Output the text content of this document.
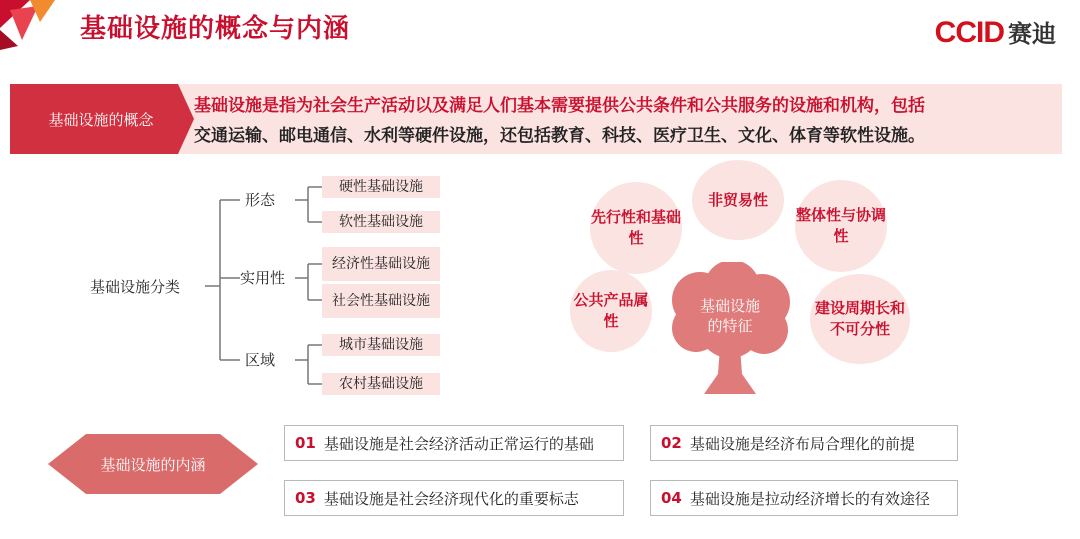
基础设施的概念与内涵	CCID 赛迪
基础设施的概念
基础设施是指为社会生产活动以及满足人们基本需要提供公共条件和公共服务的设施和机构，包括
交通运输、邮电通信、水利等硬件设施，还包括教育、科技、医疗卫生、文化、体育等软性设施。
基础设施分类
形态
实用性
区域
硬性基础设施
软性基础设施
经济性基础设施
社会性基础设施
城市基础设施
农村基础设施
先行性和基础性
非贸易性
整体性与协调性
公共产品属性
建设周期长和不可分性
基础设施的特征
基础设施的内涵
01 基础设施是社会经济活动正常运行的基础	02 基础设施是经济布局合理化的前提
03 基础设施是社会经济现代化的重要标志	04 基础设施是拉动经济增长的有效途径
